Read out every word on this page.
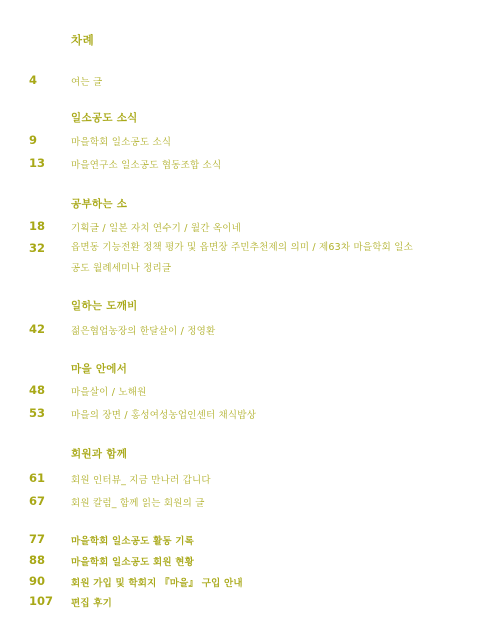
차례
4	여는 글
일소공도 소식
9	마을학회 일소공도 소식
13	마을연구소 일소공도 협동조합 소식
공부하는 소
18	기획글 / 일본 자치 연수기 / 월간 옥이네
32	읍면동 기능전환 정책 평가 및 읍면장 주민추천제의 의미 / 제63차 마을학회 일소공도 월례세미나 정리글
일하는 도깨비
42	젊은협업농장의 한달살이 / 정영환
마을 안에서
48	마을살이 / 노해원
53	마을의 장면 / 홍성여성농업인센터 채식밥상
회원과 함께
61	회원 인터뷰_ 지금 만나러 갑니다
67	회원 칼럼_ 함께 읽는 회원의 글
77	마을학회 일소공도 활동 기록
88	마을학회 일소공도 회원 현황
90	회원 가입 및 학회지 『마을』 구입 안내
107 편집 후기
